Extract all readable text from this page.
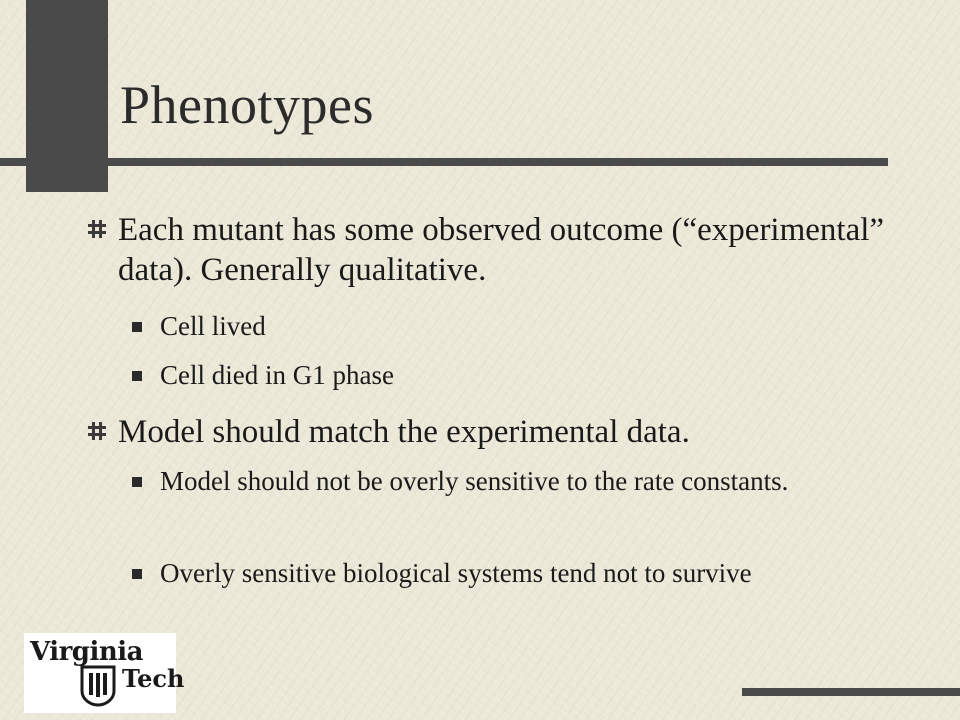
Phenotypes
Each mutant has some observed outcome (“experimental” data). Generally qualitative.
Cell lived
Cell died in G1 phase
Model should match the experimental data.
Model should not be overly sensitive to the rate constants.
Overly sensitive biological systems tend not to survive
Virginia
Tech
